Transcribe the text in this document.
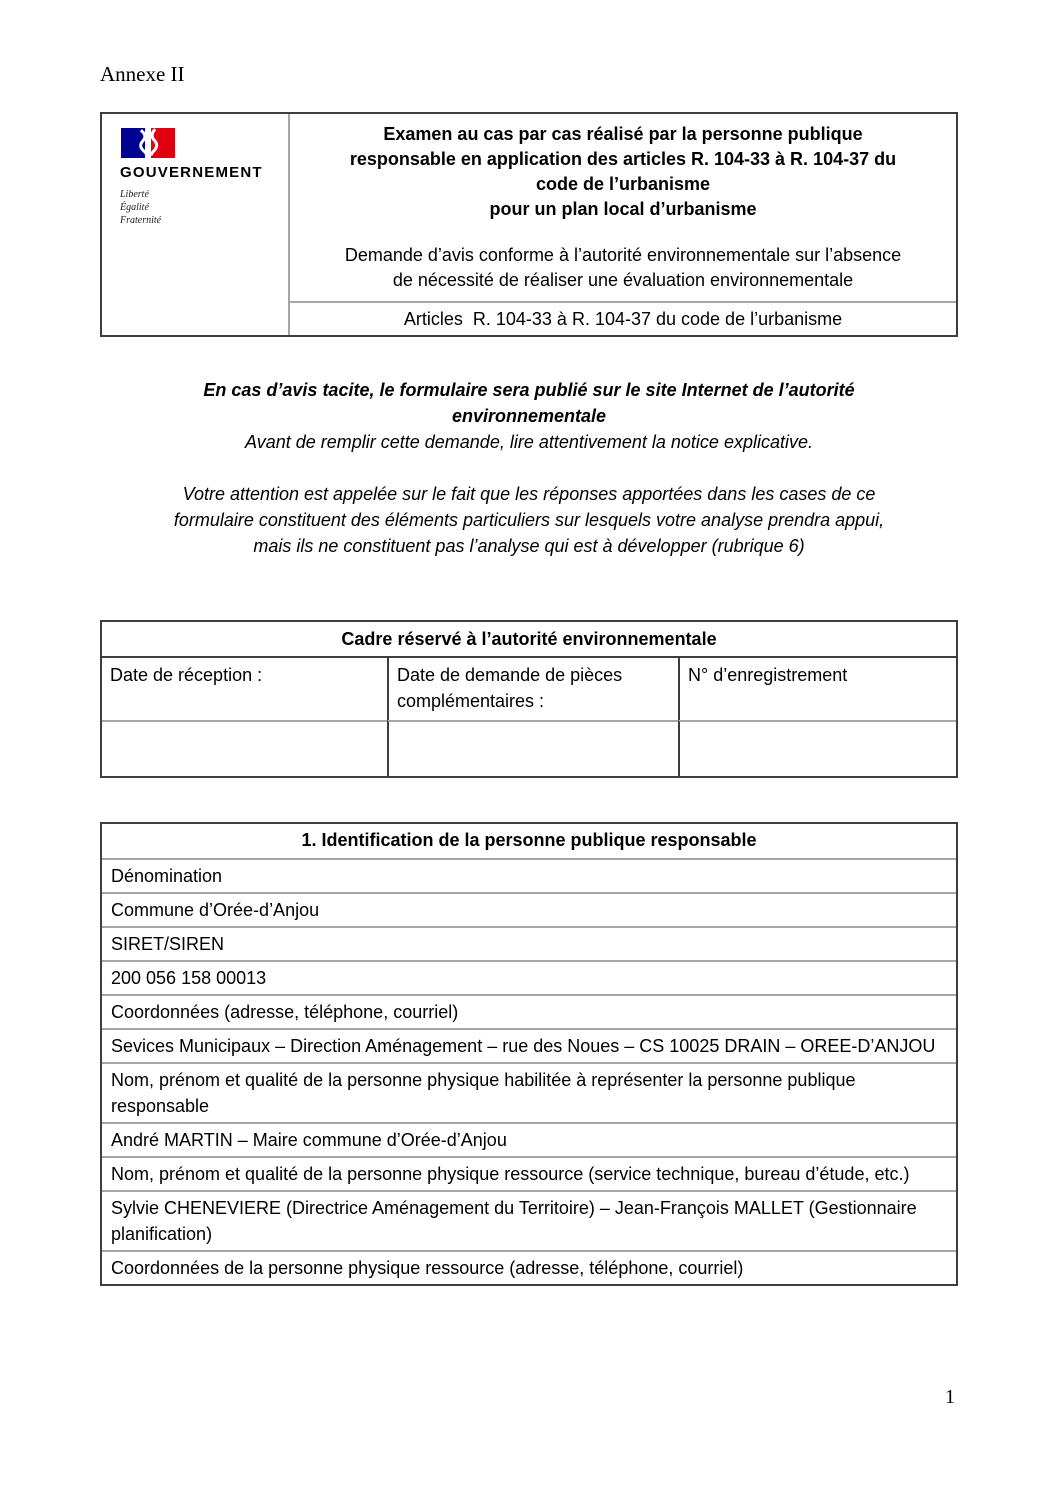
Annexe II
GOUVERNEMENT
Liberté
Égalité
Fraternité
Examen au cas par cas réalisé par la personne publique
responsable en application des articles R. 104-33 à R. 104-37 du
code de l’urbanisme
pour un plan local d’urbanisme
Demande d’avis conforme à l’autorité environnementale sur l’absence
de nécessité de réaliser une évaluation environnementale
Articles  R. 104-33 à R. 104-37 du code de l’urbanisme
En cas d’avis tacite, le formulaire sera publié sur le site Internet de l’autorité
environnementale
Avant de remplir cette demande, lire attentivement la notice explicative.
Votre attention est appelée sur le fait que les réponses apportées dans les cases de ce
formulaire constituent des éléments particuliers sur lesquels votre analyse prendra appui,
mais ils ne constituent pas l’analyse qui est à développer (rubrique 6)
Cadre réservé à l’autorité environnementale
Date de réception :	Date de demande de pièces complémentaires :
N° d’enregistrement
1. Identification de la personne publique responsable
Dénomination
Commune d’Orée-d’Anjou
SIRET/SIREN
200 056 158 00013
Coordonnées (adresse, téléphone, courriel)
Sevices Municipaux – Direction Aménagement – rue des Noues – CS 10025 DRAIN – OREE-D’ANJOU
Nom, prénom et qualité de la personne physique habilitée à représenter la personne publique responsable
André MARTIN – Maire commune d’Orée-d’Anjou
Nom, prénom et qualité de la personne physique ressource (service technique, bureau d’étude, etc.)
Sylvie CHENEVIERE (Directrice Aménagement du Territoire) – Jean-François MALLET (Gestionnaire planification)
Coordonnées de la personne physique ressource (adresse, téléphone, courriel)
1
